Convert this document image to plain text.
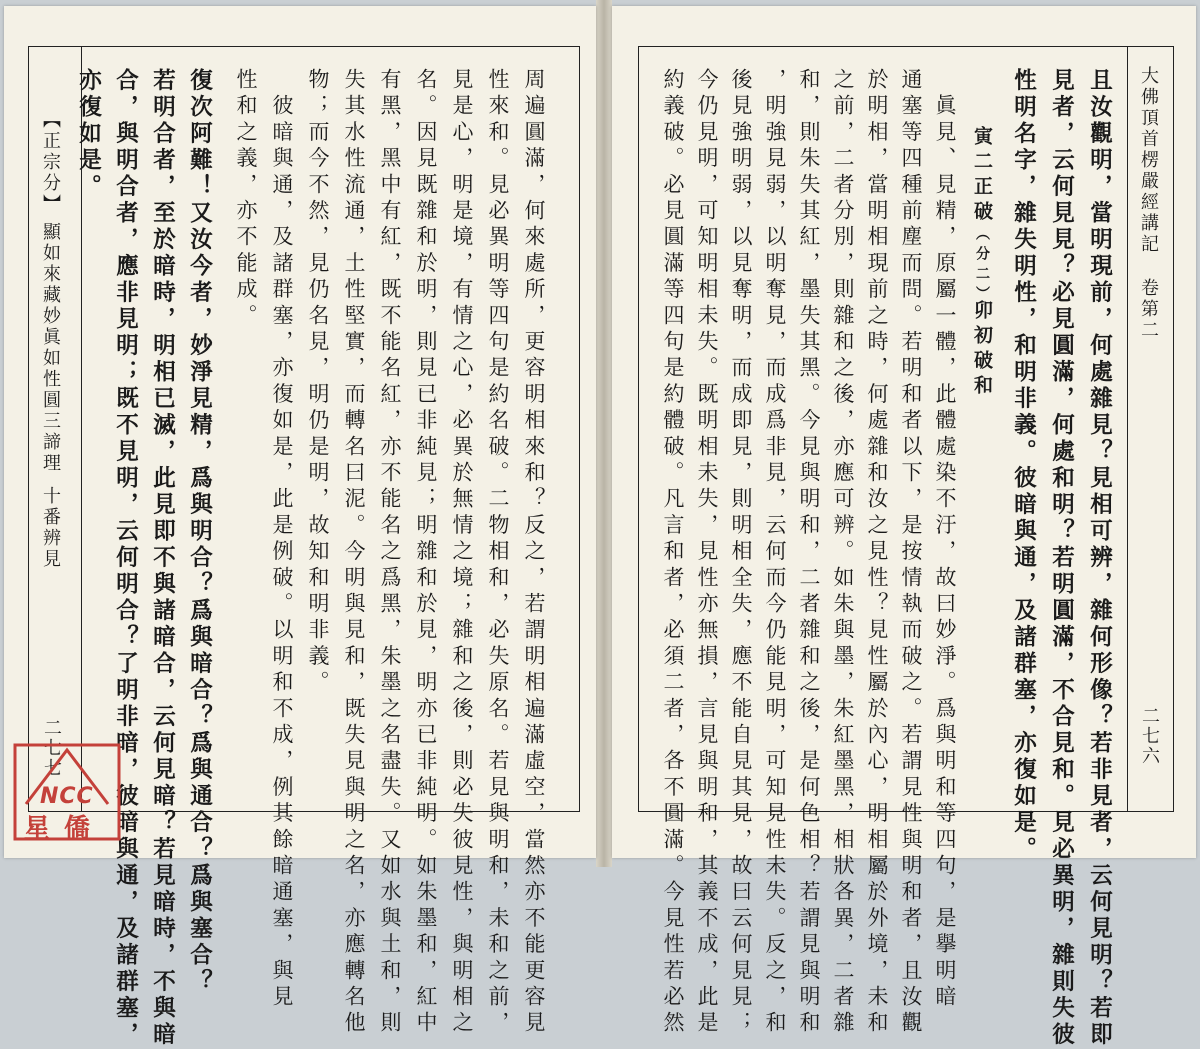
周遍圓滿，何來處所，更容明相來和？反之，若謂明相遍滿虛空，當然亦不能更容見
性來和。見必異明等四句是約名破。二物相和，必失原名。若見與明和，未和之前，
見是心，明是境，有情之心，必異於無情之境；雜和之後，則必失彼見性，與明相之
名。因見既雜和於明，則見已非純見；明雜和於見，明亦已非純明。如朱墨和，紅中
有黑，黑中有紅，既不能名紅，亦不能名之爲黑，朱墨之名盡失。又如水與土和，則
失其水性流通，土性堅實，而轉名曰泥。今明與見和，既失見與明之名，亦應轉名他
物；而今不然，見仍名見，明仍是明，故知和明非義。
　彼暗與通，及諸群塞，亦復如是，此是例破。以明和不成，例其餘暗通塞，與見
性和之義，亦不能成。
復次阿難！又汝今者，妙淨見精，爲與明合？爲與暗合？爲與通合？爲與塞合？
若明合者，至於暗時，明相已滅，此見即不與諸暗合，云何見暗？若見暗時，不與暗
合，與明合者，應非見明；既不見明，云何明合？了明非暗，彼暗與通，及諸群塞，
亦復如是。
【正宗分】
顯如來藏妙眞如性圓三諦理
十番辨見
二七七
NCC
星僑
大佛頂首楞嚴經講記
卷第二
二七六
且汝觀明，當明現前，何處雜見？見相可辨，雜何形像？若非見者，云何見明？若即
見者，云何見見？必見圓滿，何處和明？若明圓滿，不合見和。見必異明，雜則失彼
性明名字，雜失明性，和明非義。彼暗與通，及諸群塞，亦復如是。
寅二正破（分二）
卯初破和
　眞見、見精，原屬一體，此體處染不汙，故曰妙淨。爲與明和等四句，是擧明暗
通塞等四種前塵而問。若明和者以下，是按情執而破之。若謂見性與明和者，且汝觀
於明相，當明相現前之時，何處雜和汝之見性？見性屬於內心，明相屬於外境，未和
之前，二者分別，則雜和之後，亦應可辨。如朱與墨，朱紅墨黑，相狀各異，二者雜
和，則朱失其紅，墨失其黑。今見與明和，二者雜和之後，是何色相？若謂見與明和
，明強見弱，以明奪見，而成爲非見，云何而今仍能見明，可知見性未失。反之，和
後見強明弱，以見奪明，而成即見，則明相全失，應不能自見其見，故曰云何見見；
今仍見明，可知明相未失。既明相未失，見性亦無損，言見與明和，其義不成，此是
約義破。必見圓滿等四句是約體破。凡言和者，必須二者，各不圓滿。今見性若必然
